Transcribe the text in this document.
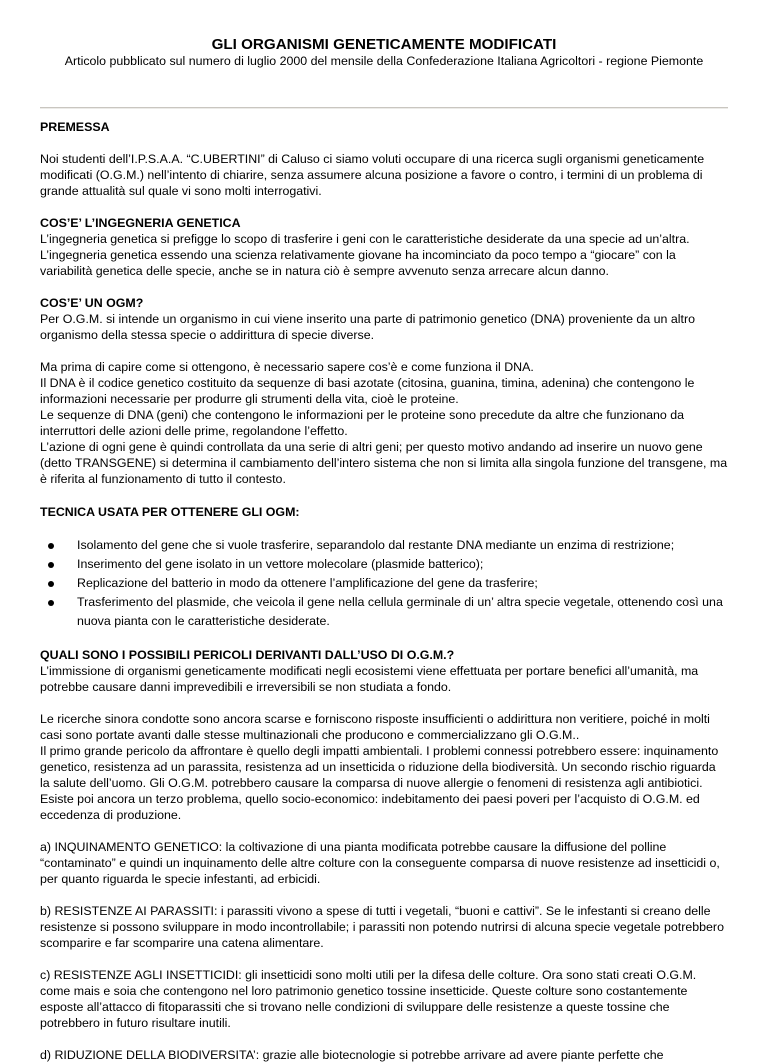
GLI ORGANISMI GENETICAMENTE MODIFICATI
Articolo pubblicato sul numero di luglio 2000 del mensile della Confederazione Italiana Agricoltori - regione Piemonte

PREMESSA

Noi studenti dell’I.P.S.A.A. “C.UBERTINI” di Caluso ci siamo voluti occupare di una ricerca sugli organismi geneticamente modificati (O.G.M.) nell’intento di chiarire, senza assumere alcuna posizione a favore o contro, i termini di un problema di grande attualità sul quale vi sono molti interrogativi.

COS’E’ L’INGEGNERIA GENETICA

L’ingegneria genetica si prefigge lo scopo di trasferire i geni con le caratteristiche desiderate da una specie ad un’altra. L’ingegneria genetica essendo una scienza relativamente giovane ha incominciato da poco tempo a “giocare” con la variabilità genetica delle specie, anche se in natura ciò è sempre avvenuto senza arrecare alcun danno.

COS’E’ UN OGM?

Per O.G.M. si intende un organismo in cui viene inserito una parte di patrimonio genetico (DNA) proveniente da un altro organismo della stessa specie o addirittura di specie diverse.

Ma prima di capire come si ottengono, è necessario sapere cos’è e come funziona il DNA.

Il DNA è il codice genetico costituito da sequenze di basi azotate (citosina, guanina, timina, adenina) che contengono le informazioni necessarie per produrre gli strumenti della vita, cioè le proteine.

Le sequenze di DNA (geni) che contengono le informazioni per le proteine sono precedute da altre che funzionano da interruttori delle azioni delle prime, regolandone l’effetto.

L’azione di ogni gene è quindi controllata da una serie di altri geni; per questo motivo andando ad inserire un nuovo gene (detto TRANSGENE) si determina il cambiamento dell’intero sistema che non si limita alla singola funzione del transgene, ma è riferita al funzionamento di tutto il contesto.

TECNICA USATA PER OTTENERE GLI OGM:

Isolamento del gene che si vuole trasferire, separandolo dal restante DNA mediante un enzima di restrizione;
Inserimento del gene isolato in un vettore molecolare (plasmide batterico);
Replicazione del batterio in modo da ottenere l’amplificazione del gene da trasferire;
Trasferimento del plasmide, che veicola il gene nella cellula germinale di un’ altra specie vegetale, ottenendo così una nuova pianta con le caratteristiche desiderate.

QUALI SONO I POSSIBILI PERICOLI DERIVANTI DALL’USO DI O.G.M.?

L’immissione di organismi geneticamente modificati negli ecosistemi viene effettuata per portare benefici all’umanità, ma potrebbe causare danni imprevedibili e irreversibili se non studiata a fondo.

Le ricerche sinora condotte sono ancora scarse e forniscono risposte insufficienti o addirittura non veritiere, poiché in molti casi sono portate avanti dalle stesse multinazionali che producono e commercializzano gli O.G.M..

Il primo grande pericolo da affrontare è quello degli impatti ambientali. I problemi connessi potrebbero essere: inquinamento genetico, resistenza ad un parassita, resistenza ad un insetticida o riduzione della biodiversità. Un secondo rischio riguarda la salute dell’uomo. Gli O.G.M. potrebbero causare la comparsa di nuove allergie o fenomeni di resistenza agli antibiotici. Esiste poi ancora un terzo problema, quello socio-economico: indebitamento dei paesi poveri per l’acquisto di O.G.M. ed eccedenza di produzione.

a) INQUINAMENTO GENETICO: la coltivazione di una pianta modificata potrebbe causare la diffusione del polline “contaminato” e quindi un inquinamento delle altre colture con la conseguente comparsa di nuove resistenze ad insetticidi o, per quanto riguarda le specie infestanti, ad erbicidi.

b) RESISTENZE AI PARASSITI: i parassiti vivono a spese di tutti i vegetali, “buoni e cattivi”. Se le infestanti si creano delle resistenze si possono sviluppare in modo incontrollabile; i parassiti non potendo nutrirsi di alcuna specie vegetale potrebbero scomparire e far scomparire una catena alimentare.

c) RESISTENZE AGLI INSETTICIDI: gli insetticidi sono molti utili per la difesa delle colture. Ora sono stati creati O.G.M. come mais e soia che contengono nel loro patrimonio genetico tossine insetticide. Queste colture sono costantemente esposte all’attacco di fitoparassiti che si trovano nelle condizioni di sviluppare delle resistenze a queste tossine che potrebbero in futuro risultare inutili.

d) RIDUZIONE DELLA BIODIVERSITA’: grazie alle biotecnologie si potrebbe arrivare ad avere piante perfette che
